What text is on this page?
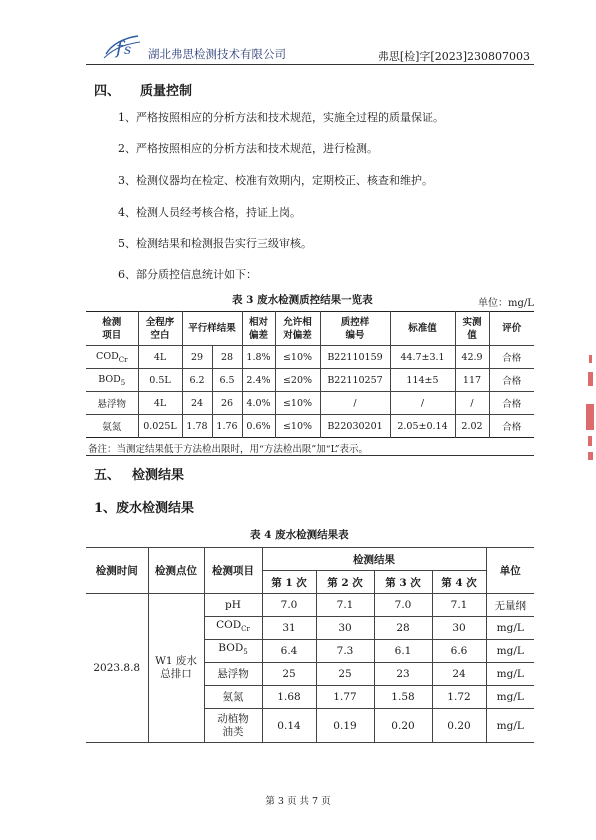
f s 湖北弗思检测技术有限公司	弗思[检]字[2023]230807003
四、 质量控制
1、严格按照相应的分析方法和技术规范，实施全过程的质量保证。
2、严格按照相应的分析方法和技术规范，进行检测。
3、检测仪器均在检定、校准有效期内，定期校正、核查和维护。
4、检测人员经考核合格，持证上岗。
5、检测结果和检测报告实行三级审核。
6、部分质控信息统计如下：
表 3 废水检测质控结果一览表	单位：mg/L
检测
项目	全程序
空白	平行样结果		相对
偏差	允许相
对偏差	质控样
编号	标准值	实测
值	评价
$COD_{Cr}$	4L	29	28	1.8%	≤10%	B22110159	44.7±3.1	42.9	合格
$BOD_5$	0.5L	6.2	6.5	2.4%	≤20%	B22110257	114±5	117	合格
悬浮物	4L	24	26	4.0%	≤10%	/	/	/	合格
氨氮	0.025L	1.78	1.76	0.6%	≤10%	B22030201	2.05±0.14	2.02	合格
备注：当测定结果低于方法检出限时，用“方法检出限”加“L”表示。
五、 检测结果
1、废水检测结果
表 4 废水检测结果表
检测时间	检测点位	检测项目	检测结果				单位
			第 1 次	第 2 次	第 3 次	第 4 次	
2023.8.8	W1 废水
总排口	pH	7.0	7.1	7.0	7.1	无量纲
		$COD_{Cr}$	31	30	28	30	mg/L
		$BOD_5$	6.4	7.3	6.1	6.6	mg/L
		悬浮物	25	25	23	24	mg/L
		氨氮	1.68	1.77	1.58	1.72	mg/L
		动植物
油类	0.14	0.19	0.20	0.20	mg/L
第 3 页 共 7 页
